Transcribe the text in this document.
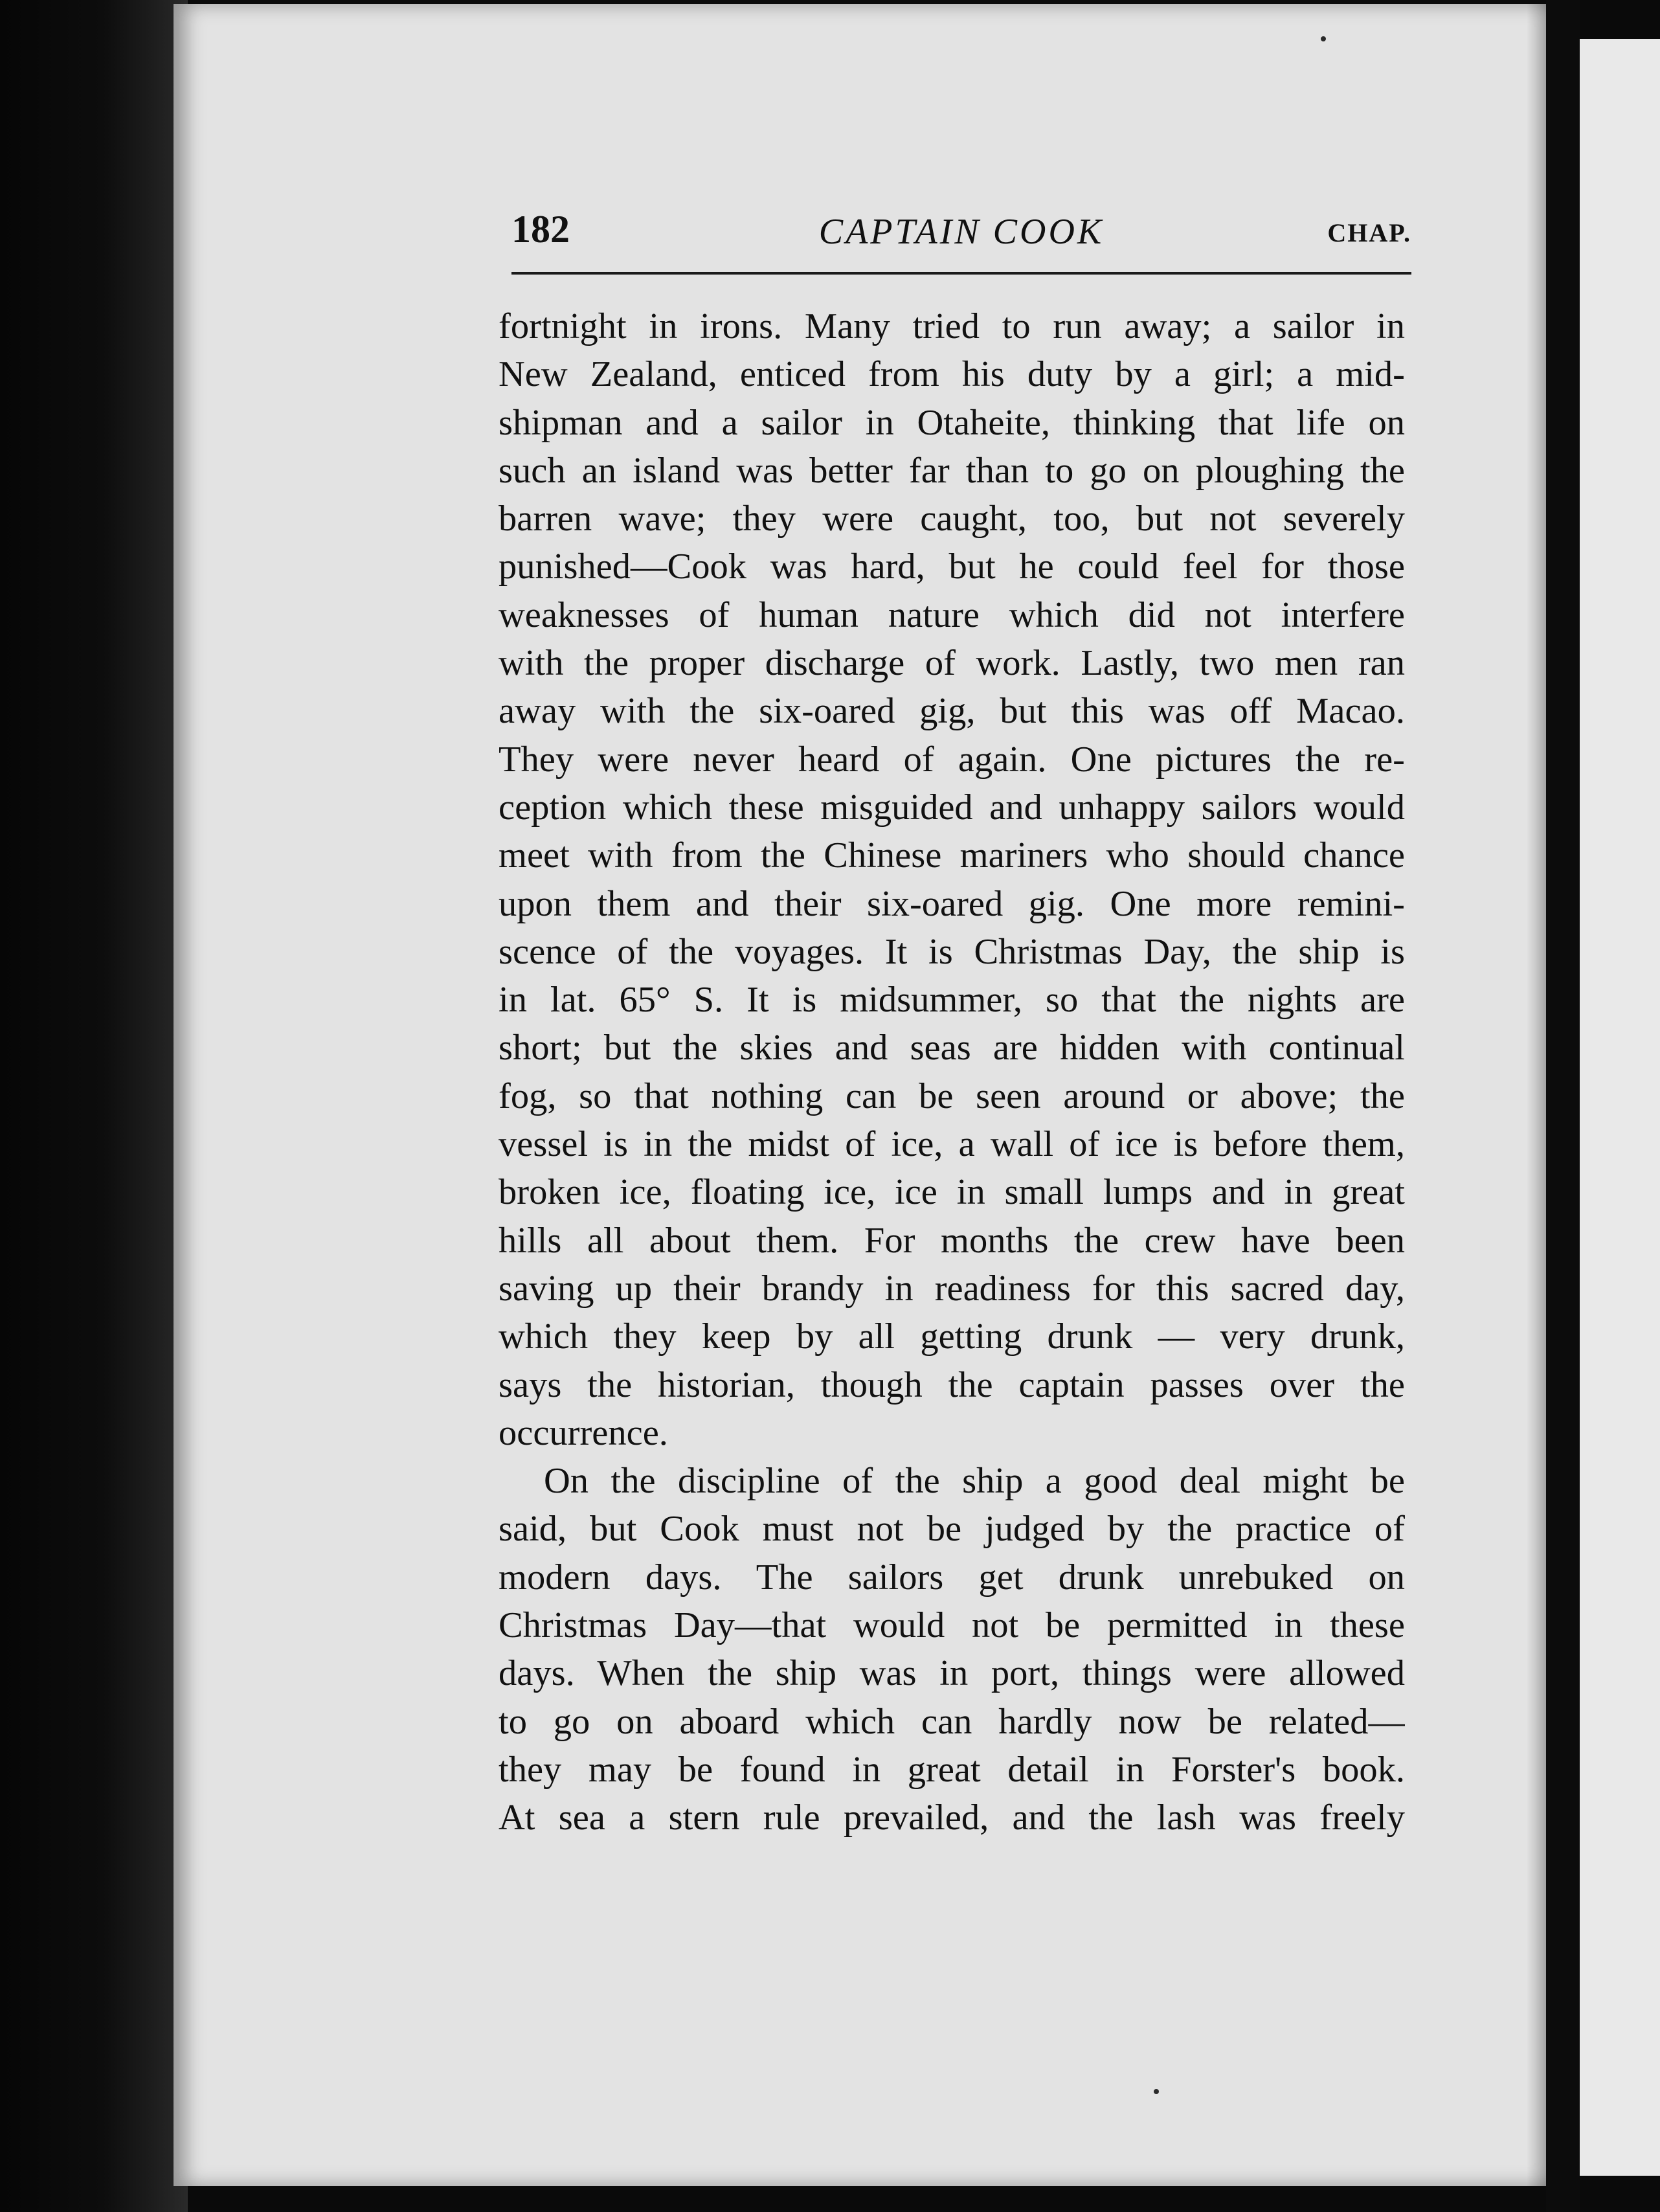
182	CAPTAIN COOK	CHAP.
fortnight in irons. Many tried to run away; a sailor in
New Zealand, enticed from his duty by a girl; a mid-
shipman and a sailor in Otaheite, thinking that life on
such an island was better far than to go on ploughing the
barren wave; they were caught, too, but not severely
punished—Cook was hard, but he could feel for those
weaknesses of human nature which did not interfere
with the proper discharge of work. Lastly, two men ran
away with the six-oared gig, but this was off Macao.
They were never heard of again. One pictures the re-
ception which these misguided and unhappy sailors would
meet with from the Chinese mariners who should chance
upon them and their six-oared gig. One more remini-
scence of the voyages. It is Christmas Day, the ship is
in lat. 65° S. It is midsummer, so that the nights are
short; but the skies and seas are hidden with continual
fog, so that nothing can be seen around or above; the
vessel is in the midst of ice, a wall of ice is before them,
broken ice, floating ice, ice in small lumps and in great
hills all about them. For months the crew have been
saving up their brandy in readiness for this sacred day,
which they keep by all getting drunk — very drunk,
says the historian, though the captain passes over the
occurrence.
On the discipline of the ship a good deal might be
said, but Cook must not be judged by the practice of
modern days. The sailors get drunk unrebuked on
Christmas Day—that would not be permitted in these
days. When the ship was in port, things were allowed
to go on aboard which can hardly now be related—
they may be found in great detail in Forster's book.
At sea a stern rule prevailed, and the lash was freely
